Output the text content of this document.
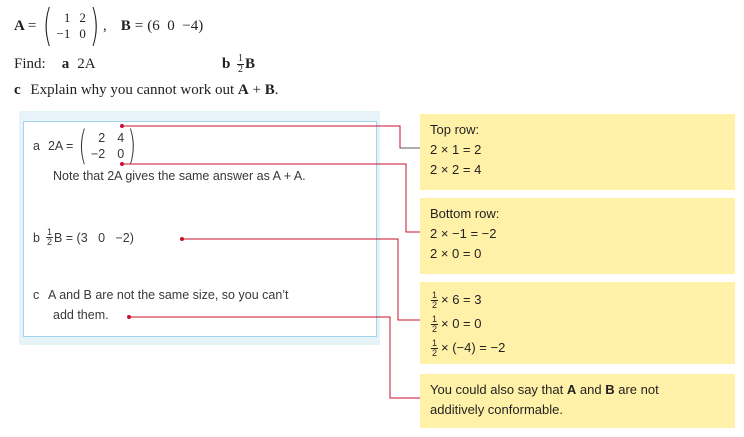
A = ( 1 2
−1 0 ) , B = (6  0  −4)
Find: a 2A	b $\frac{1}{2}$ B
c Explain why you cannot work out A + B.
a 2A = ( 2 4
−2 0 )
Note that 2A gives the same answer as A + A.
b $\frac{1}{2}$ B = (3   0   −2)
c A and B are not the same size, so you can’t
add them.
Top row:
2 × 1 = 2
2 × 2 = 4
Bottom row:
2 × −1 = −2
2 × 0 = 0
$\frac{1}{2} \times 6 = 3$
$\frac{1}{2} \times 0 = 0$
$\frac{1}{2} \times (-4) = -2$
You could also say that A and B are not
additively conformable.
